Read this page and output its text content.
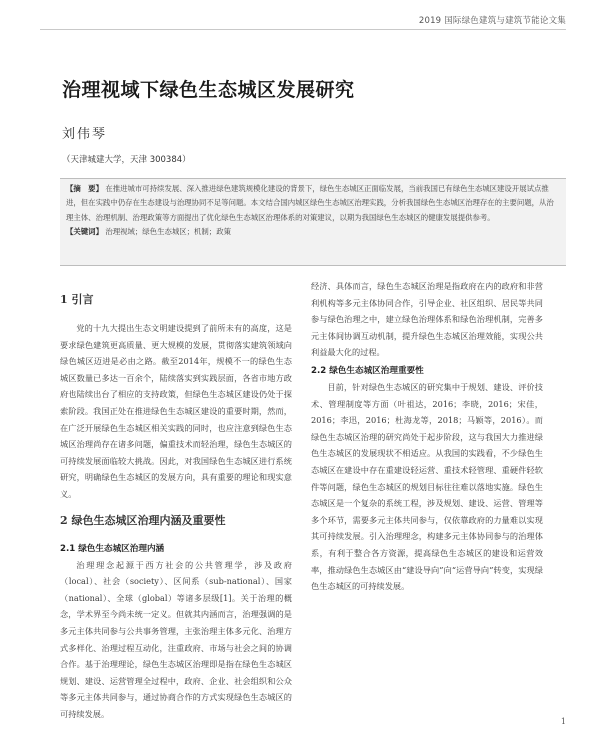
2019 国际绿色建筑与建筑节能论文集
治理视域下绿色生态城区发展研究
刘伟琴
（天津城建大学，天津 300384）
【摘　要】 在推进城市可持续发展、深入推进绿色建筑规模化建设的背景下，绿色生态城区正面临发展，当前我国已有绿色生态城区建设开展试点推进，但在实践中仍存在生态建设与治理协同不足等问题。本文结合国内城区绿色生态城区治理实践，分析我国绿色生态城区治理存在的主要问题，从治理主体、治理机制、治理政策等方面提出了优化绿色生态城区治理体系的对策建议，以期为我国绿色生态城区的健康发展提供参考。
【关键词】 治理视域；绿色生态城区；机制；政策
1 引言

党的十九大提出生态文明建设提到了前所未有的高度，这是要求绿色建筑更高质量、更大规模的发展，贯彻落实建筑领域向绿色城区迈进是必由之路。截至2014年，规模不一的绿色生态城区数量已多达一百余个，陆续落实到实践层面，各省市地方政府也陆续出台了相应的支持政策，但绿色生态城区建设仍处于探索阶段。我国正处在推进绿色生态城区建设的重要时期，然而，在广泛开展绿色生态城区相关实践的同时，也应注意到绿色生态城区治理尚存在诸多问题，偏重技术而轻治理，绿色生态城区的可持续发展面临较大挑战。因此，对我国绿色生态城区进行系统研究，明确绿色生态城区的发展方向，具有重要的理论和现实意义。

2 绿色生态城区治理内涵及重要性
2.1 绿色生态城区治理内涵

治理理念起源于西方社会的公共管理学，涉及政府（local）、社会（society）、区间系（sub-national）、国家（national）、全球（global）等诸多层级[1]。关于治理的概念，学术界至今尚未统一定义。但就其内涵而言，治理强调的是多元主体共同参与公共事务管理，主张治理主体多元化、治理方式多样化、治理过程互动化，注重政府、市场与社会之间的协调合作。基于治理理论，绿色生态城区治理即是指在绿色生态城区规划、建设、运营管理全过程中，政府、企业、社会组织和公众等多元主体共同参与，通过协商合作的方式实现绿色生态城区的可持续发展。

经济、具体而言，绿色生态城区治理是指政府在内的政府和非营利机构等多元主体协同合作，引导企业、社区组织、居民等共同参与绿色治理之中，建立绿色治理体系和绿色治理机制，完善多元主体间协调互动机制，提升绿色生态城区治理效能，实现公共利益最大化的过程。

2.2 绿色生态城区治理重要性

目前，针对绿色生态城区的研究集中于规划、建设、评价技术、管理制度等方面（叶祖达，2016；李晓，2016；宋佳，2016；李迅，2016；杜海龙等，2018；马颖等，2016）。而绿色生态城区治理的研究尚处于起步阶段，这与我国大力推进绿色生态城区的发展现状不相适应。从我国的实践看，不少绿色生态城区在建设中存在重建设轻运营、重技术轻管理、重硬件轻软件等问题，绿色生态城区的规划目标往往难以落地实施。绿色生态城区是一个复杂的系统工程，涉及规划、建设、运营、管理等多个环节，需要多元主体共同参与，仅依靠政府的力量难以实现其可持续发展。引入治理理念，构建多元主体协同参与的治理体系，有利于整合各方资源，提高绿色生态城区的建设和运营效率，推动绿色生态城区由“建设导向”向“运营导向”转变，实现绿色生态城区的可持续发展。

1
